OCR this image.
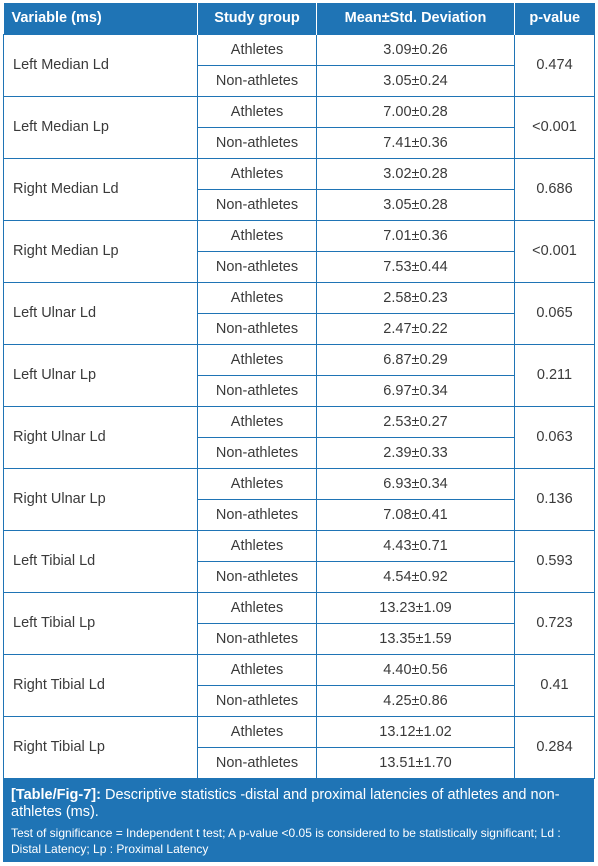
Variable (ms)	Study group	Mean±Std. Deviation	p-value
Left Median Ld	Athletes	3.09±0.26	0.474
	Non-athletes	3.05±0.24	
Left Median Lp	Athletes	7.00±0.28	<0.001
	Non-athletes	7.41±0.36	
Right Median Ld	Athletes	3.02±0.28	0.686
	Non-athletes	3.05±0.28	
Right Median Lp	Athletes	7.01±0.36	<0.001
	Non-athletes	7.53±0.44	
Left Ulnar Ld	Athletes	2.58±0.23	0.065
	Non-athletes	2.47±0.22	
Left Ulnar Lp	Athletes	6.87±0.29	0.211
	Non-athletes	6.97±0.34	
Right Ulnar Ld	Athletes	2.53±0.27	0.063
	Non-athletes	2.39±0.33	
Right Ulnar Lp	Athletes	6.93±0.34	0.136
	Non-athletes	7.08±0.41	
Left Tibial Ld	Athletes	4.43±0.71	0.593
	Non-athletes	4.54±0.92	
Left Tibial Lp	Athletes	13.23±1.09	0.723
	Non-athletes	13.35±1.59	
Right Tibial Ld	Athletes	4.40±0.56	0.41
	Non-athletes	4.25±0.86	
Right Tibial Lp	Athletes	13.12±1.02	0.284
	Non-athletes	13.51±1.70	
[Table/Fig-7]: Descriptive statistics -distal and proximal latencies of athletes and non-athletes (ms).
Test of significance = Independent t test; A p-value <0.05 is considered to be statistically significant; Ld : Distal Latency; Lp : Proximal Latency
